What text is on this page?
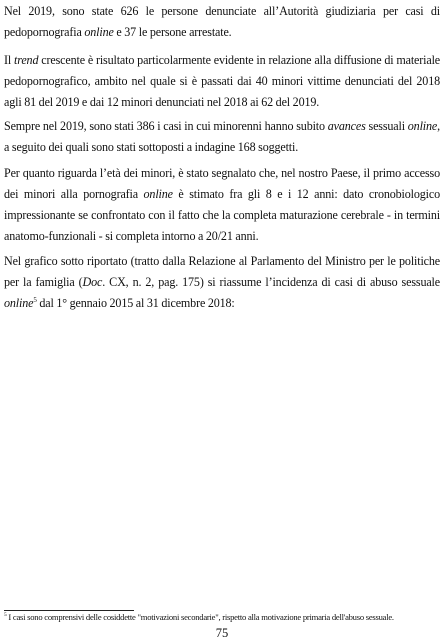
Nel 2019, sono state 626 le persone denunciate all’Autorità giudiziaria per casi di
pedopornografia online e 37 le persone arrestate.

Il trend crescente è risultato particolarmente evidente in relazione alla diffusione di materiale
pedopornografico, ambito nel quale si è passati dai 40 minori vittime denunciati del 2018
agli 81 del 2019 e dai 12 minori denunciati nel 2018 ai 62 del 2019.

Sempre nel 2019, sono stati 386 i casi in cui minorenni hanno subito avances sessuali online,
a seguito dei quali sono stati sottoposti a indagine 168 soggetti.

Per quanto riguarda l’età dei minori, è stato segnalato che, nel nostro Paese, il primo accesso
dei minori alla pornografia online è stimato fra gli 8 e i 12 anni: dato cronobiologico
impressionante se confrontato con il fatto che la completa maturazione cerebrale - in termini
anatomo-funzionali - si completa intorno a 20/21 anni.

Nel grafico sotto riportato (tratto dalla Relazione al Parlamento del Ministro per le politiche
per la famiglia (Doc. CX, n. 2, pag. 175) si riassume l’incidenza di casi di abuso sessuale
online$^5$ dal 1° gennaio 2015 al 31 dicembre 2018:

$^5$ I casi sono comprensivi delle cosiddette "motivazioni secondarie", rispetto alla motivazione primaria dell'abuso sessuale.
75
